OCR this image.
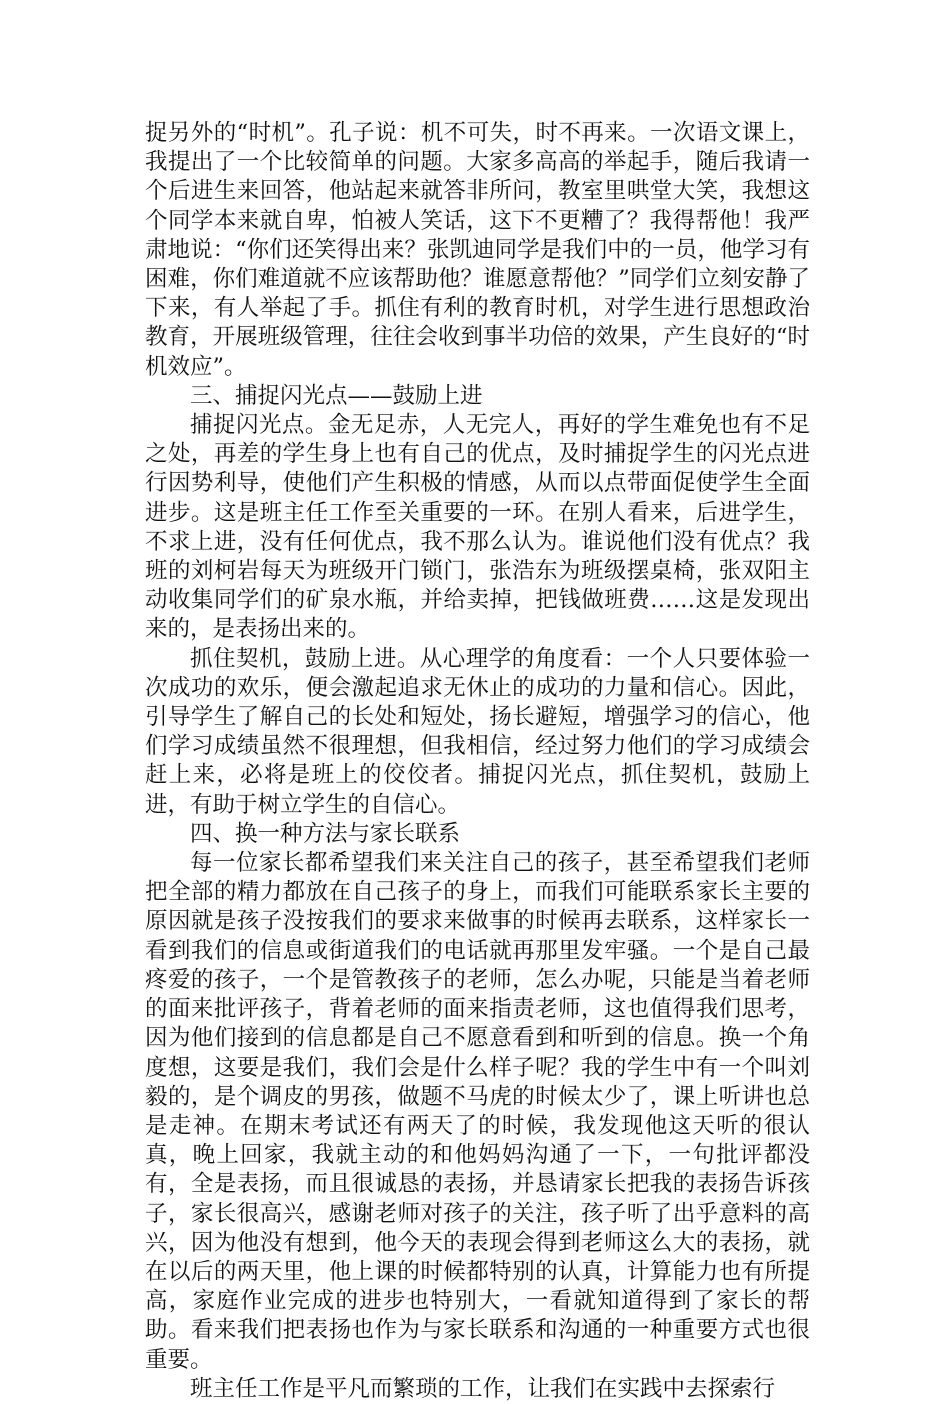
捉另外的“时机”。孔子说：机不可失，时不再来。一次语文课上，我提出了一个比较简单的问题。大家多高高的举起手，随后我请一个后进生来回答，他站起来就答非所问，教室里哄堂大笑，我想这个同学本来就自卑，怕被人笑话，这下不更糟了？我得帮他！我严肃地说：“你们还笑得出来？张凯迪同学是我们中的一员，他学习有困难，你们难道就不应该帮助他？谁愿意帮他？”同学们立刻安静了下来，有人举起了手。抓住有利的教育时机，对学生进行思想政治教育，开展班级管理，往往会收到事半功倍的效果，产生良好的“时机效应”。

三、捕捉闪光点——鼓励上进

捕捉闪光点。金无足赤，人无完人，再好的学生难免也有不足之处，再差的学生身上也有自己的优点，及时捕捉学生的闪光点进行因势利导，使他们产生积极的情感，从而以点带面促使学生全面进步。这是班主任工作至关重要的一环。在别人看来，后进学生，不求上进，没有任何优点，我不那么认为。谁说他们没有优点？我班的刘柯岩每天为班级开门锁门，张浩东为班级摆桌椅，张双阳主动收集同学们的矿泉水瓶，并给卖掉，把钱做班费……这是发现出来的，是表扬出来的。

抓住契机，鼓励上进。从心理学的角度看：一个人只要体验一次成功的欢乐，便会激起追求无休止的成功的力量和信心。因此，引导学生了解自己的长处和短处，扬长避短，增强学习的信心，他们学习成绩虽然不很理想，但我相信，经过努力他们的学习成绩会赶上来，必将是班上的佼佼者。捕捉闪光点，抓住契机，鼓励上进，有助于树立学生的自信心。

四、换一种方法与家长联系

每一位家长都希望我们来关注自己的孩子，甚至希望我们老师把全部的精力都放在自己孩子的身上，而我们可能联系家长主要的原因就是孩子没按我们的要求来做事的时候再去联系，这样家长一看到我们的信息或街道我们的电话就再那里发牢骚。一个是自己最疼爱的孩子，一个是管教孩子的老师，怎么办呢，只能是当着老师的面来批评孩子，背着老师的面来指责老师，这也值得我们思考，因为他们接到的信息都是自己不愿意看到和听到的信息。换一个角度想，这要是我们，我们会是什么样子呢？我的学生中有一个叫刘毅的，是个调皮的男孩，做题不马虎的时候太少了，课上听讲也总是走神。在期末考试还有两天了的时候，我发现他这天听的很认真，晚上回家，我就主动的和他妈妈沟通了一下，一句批评都没有，全是表扬，而且很诚恳的表扬，并恳请家长把我的表扬告诉孩子，家长很高兴，感谢老师对孩子的关注，孩子听了出乎意料的高兴，因为他没有想到，他今天的表现会得到老师这么大的表扬，就在以后的两天里，他上课的时候都特别的认真，计算能力也有所提高，家庭作业完成的进步也特别大，一看就知道得到了家长的帮助。看来我们把表扬也作为与家长联系和沟通的一种重要方式也很重要。

班主任工作是平凡而繁琐的工作，让我们在实践中去探索行
